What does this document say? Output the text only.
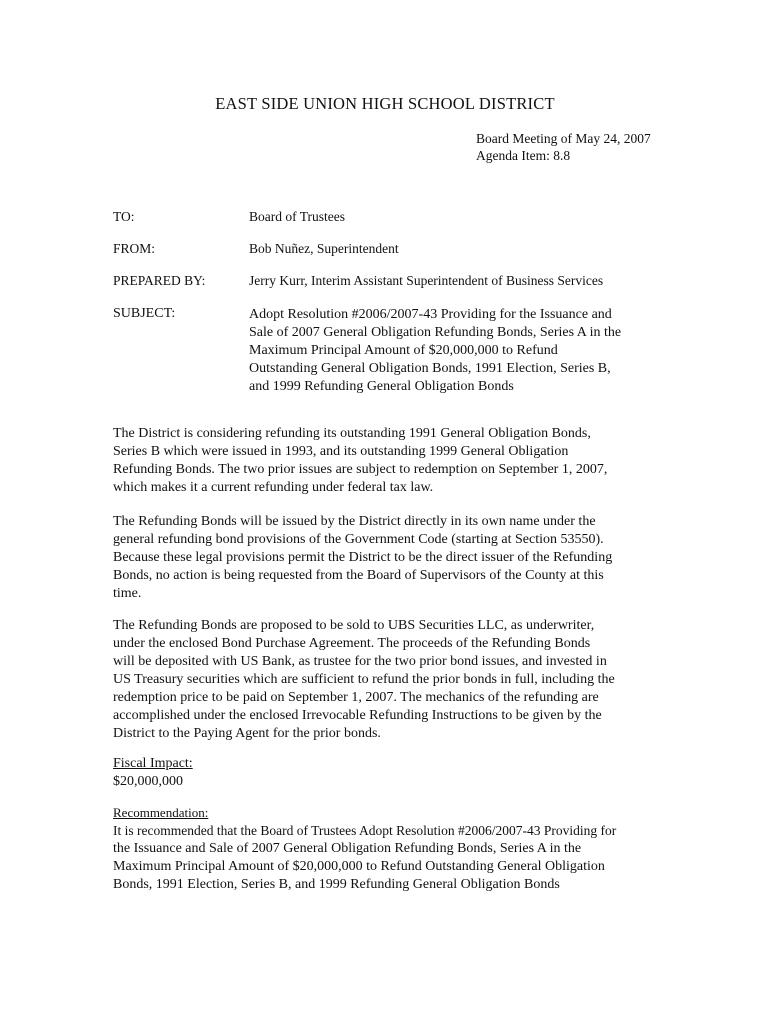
EAST SIDE UNION HIGH SCHOOL DISTRICT
Board Meeting of May 24, 2007
Agenda Item: 8.8
TO:	Board of Trustees
FROM:	Bob Nuñez, Superintendent
PREPARED BY:	Jerry Kurr, Interim Assistant Superintendent of Business Services
SUBJECT:	Adopt Resolution #2006/2007-43 Providing for the Issuance and
Sale of 2007 General Obligation Refunding Bonds, Series A in the
Maximum Principal Amount of $20,000,000 to Refund
Outstanding General Obligation Bonds, 1991 Election, Series B,
and 1999 Refunding General Obligation Bonds
The District is considering refunding its outstanding 1991 General Obligation Bonds,
Series B which were issued in 1993, and its outstanding 1999 General Obligation
Refunding Bonds. The two prior issues are subject to redemption on September 1, 2007,
which makes it a current refunding under federal tax law.
The Refunding Bonds will be issued by the District directly in its own name under the
general refunding bond provisions of the Government Code (starting at Section 53550).
Because these legal provisions permit the District to be the direct issuer of the Refunding
Bonds, no action is being requested from the Board of Supervisors of the County at this
time.
The Refunding Bonds are proposed to be sold to UBS Securities LLC, as underwriter,
under the enclosed Bond Purchase Agreement. The proceeds of the Refunding Bonds
will be deposited with US Bank, as trustee for the two prior bond issues, and invested in
US Treasury securities which are sufficient to refund the prior bonds in full, including the
redemption price to be paid on September 1, 2007. The mechanics of the refunding are
accomplished under the enclosed Irrevocable Refunding Instructions to be given by the
District to the Paying Agent for the prior bonds.
Fiscal Impact:
$20,000,000
Recommendation:
It is recommended that the Board of Trustees Adopt Resolution #2006/2007-43 Providing for
the Issuance and Sale of 2007 General Obligation Refunding Bonds, Series A in the
Maximum Principal Amount of $20,000,000 to Refund Outstanding General Obligation
Bonds, 1991 Election, Series B, and 1999 Refunding General Obligation Bonds
